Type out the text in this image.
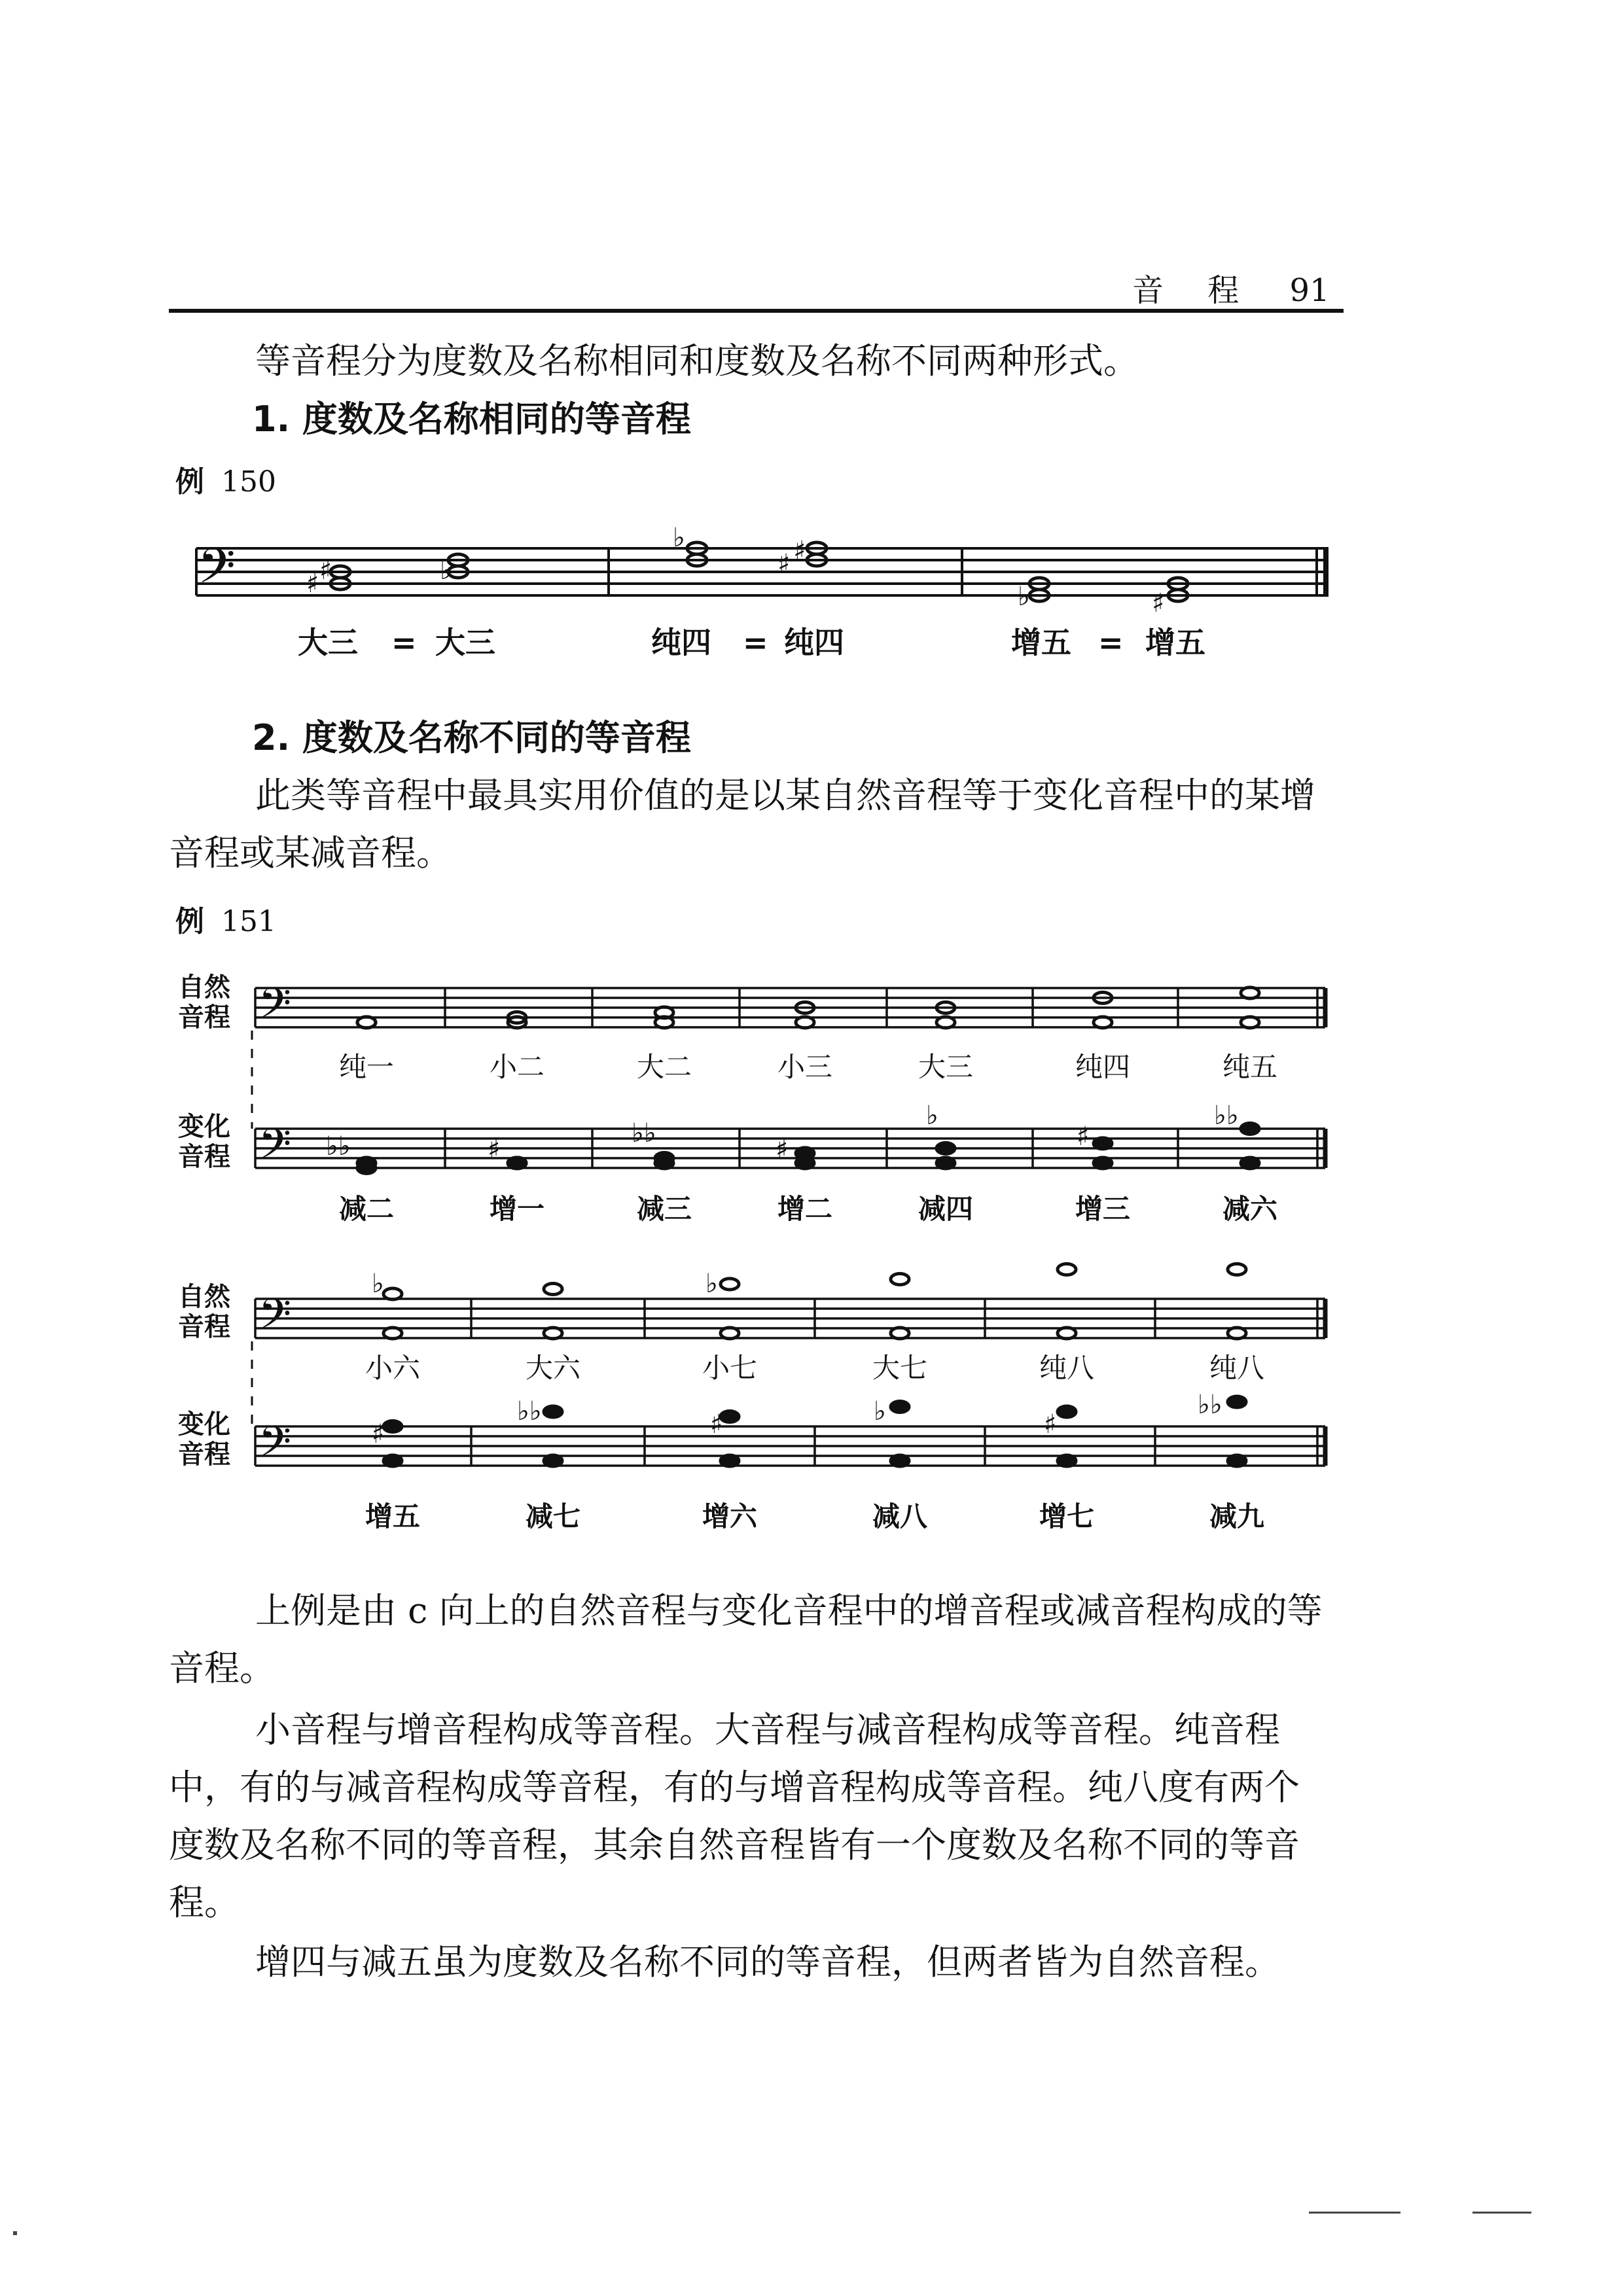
音 程 91
等音程分为度数及名称相同和度数及名称不同两种形式。
1. 度数及名称相同的等音程
例 150
𝄢	♯ ♯	♭
♭
♯ ♯
♭	♯
大三 = 大三	纯四 = 纯四	增五 = 增五
2. 度数及名称不同的等音程
此类等音程中最具实用价值的是以某自然音程等于变化音程中的某增音程或某减音程。
例 151
𝄢
自然
音程
纯一	小二	大二	小三	大三	纯四	纯五
𝄢
变化
音程
减二	增一	减三	增二	减四	增三	减六
♭♭	♯
♭♭
♯
♭
♯
♭♭
𝄢
自然
音程
小六	大六	小七	大七	纯八	纯八
♭	♭
𝄢
变化
音程
增五	减七	增六	减八	增七	减九
♯
♭♭	♯	♭	♯
♭♭
上例是由 c 向上的自然音程与变化音程中的增音程或减音程构成的等音程。
小音程与增音程构成等音程。大音程与减音程构成等音程。纯音程中，有的与减音程构成等音程，有的与增音程构成等音程。纯八度有两个度数及名称不同的等音程，其余自然音程皆有一个度数及名称不同的等音程。
增四与减五虽为度数及名称不同的等音程，但两者皆为自然音程。
